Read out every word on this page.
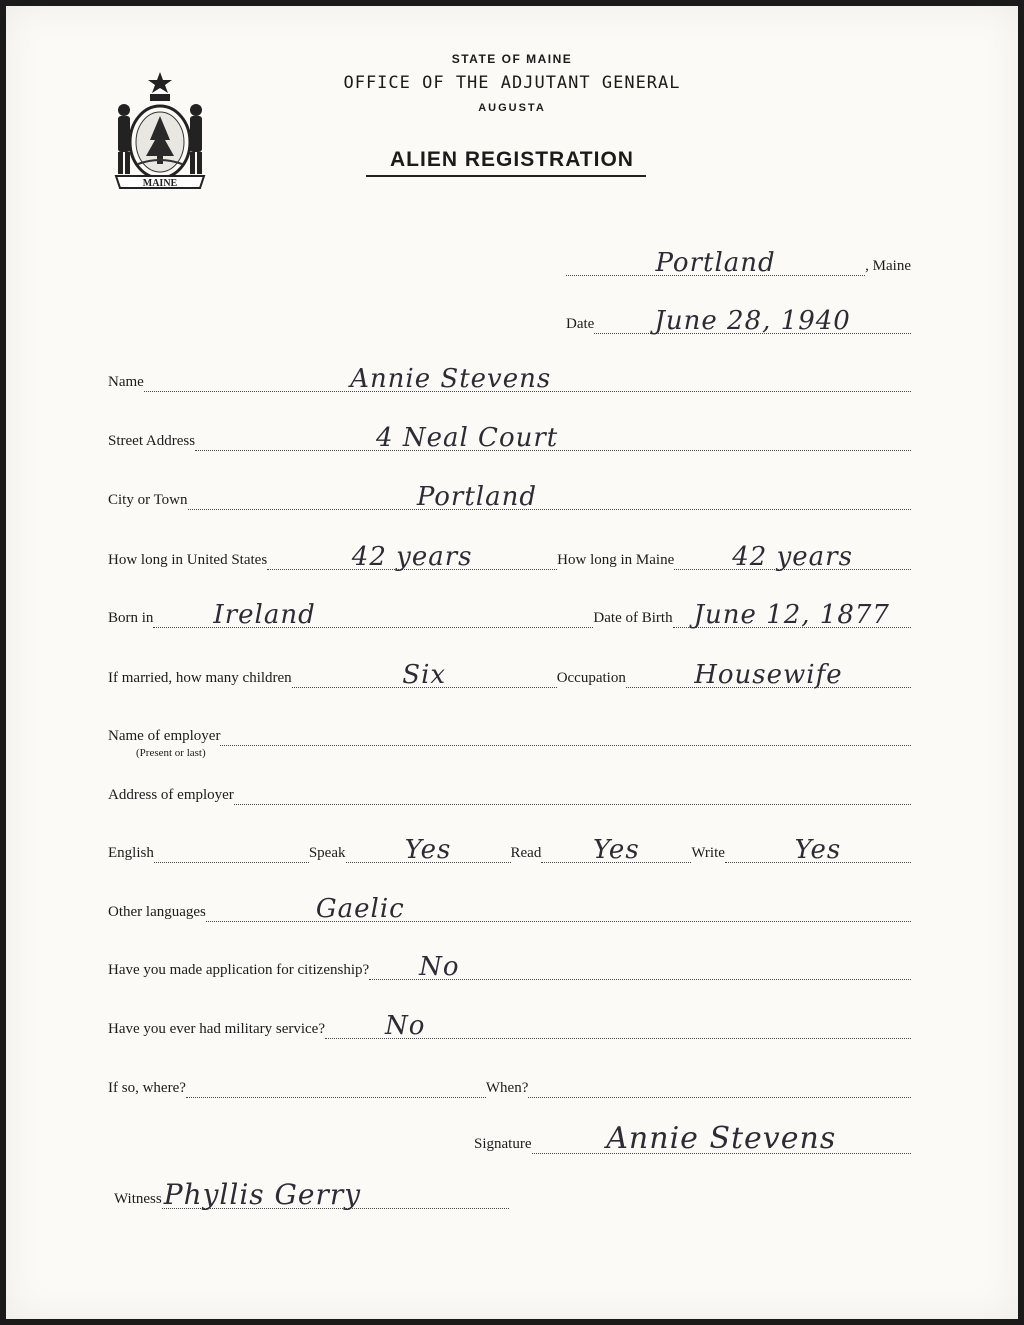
MAINE
STATE OF MAINE
OFFICE OF THE ADJUTANT GENERAL
AUGUSTA
ALIEN REGISTRATION
Portland	, Maine
Date June 28, 1940
Name	Annie Stevens
Street Address	4 Neal Court
City or Town	Portland
How long in United States	42 years	How long in Maine 42 years
Born in Ireland	Date of Birth June 12, 1877
If married, how many children	Six	Occupation	Housewife
Name of employer
(Present or last)
Address of employer
English	Speak Yes	Read Yes	Write	Yes
Other languages	Gaelic
Have you made application for citizenship? No
Have you ever had military service? No
If so, where?	When?
Signature Annie Stevens
Witness Phyllis Gerry
